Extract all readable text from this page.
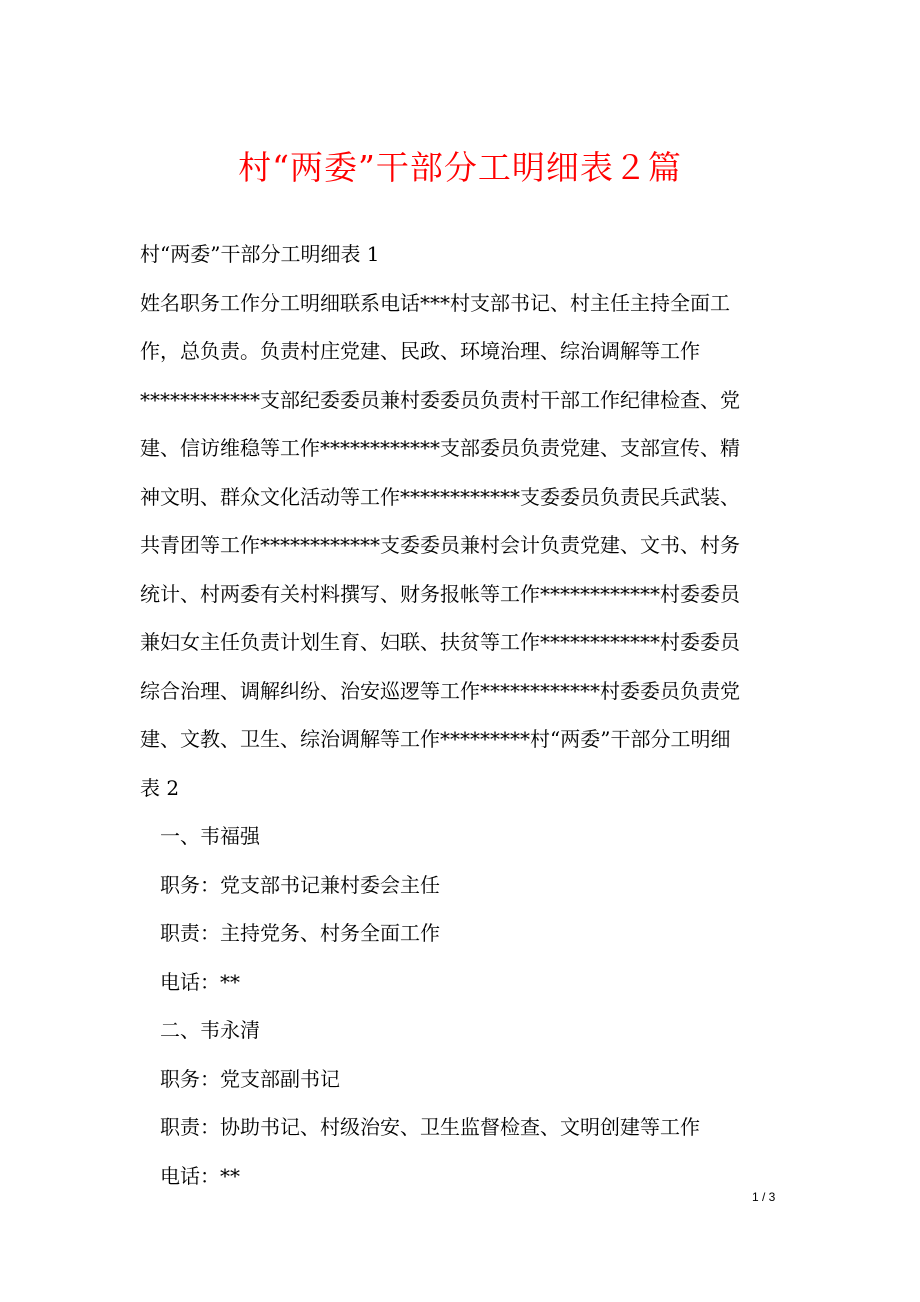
村“两委”干部分工明细表２篇
村“两委”干部分工明细表 1
姓名职务工作分工明细联系电话***村支部书记、村主任主持全面工
作，总负责。负责村庄党建、民政、环境治理、综治调解等工作
************支部纪委委员兼村委委员负责村干部工作纪律检查、党
建、信访维稳等工作************支部委员负责党建、支部宣传、精
神文明、群众文化活动等工作************支委委员负责民兵武装、
共青团等工作************支委委员兼村会计负责党建、文书、村务
统计、村两委有关村料撰写、财务报帐等工作************村委委员
兼妇女主任负责计划生育、妇联、扶贫等工作************村委委员
综合治理、调解纠纷、治安巡逻等工作************村委委员负责党
建、文教、卫生、综治调解等工作*********村“两委”干部分工明细
表 2
一、韦福强
职务：党支部书记兼村委会主任
职责：主持党务、村务全面工作
电话：**
二、韦永清
职务：党支部副书记
职责：协助书记、村级治安、卫生监督检查、文明创建等工作
电话：**
1 / 3
